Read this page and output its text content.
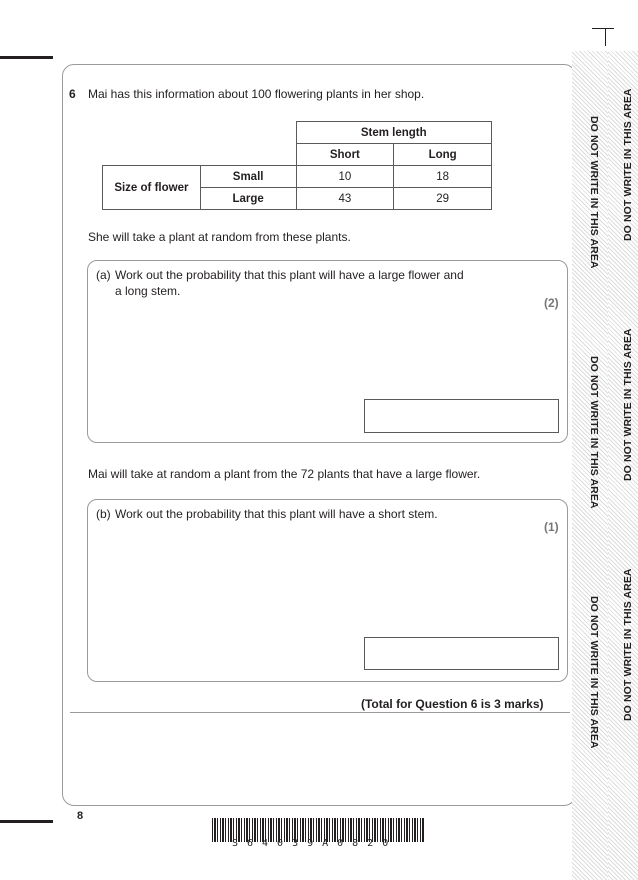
6 Mai has this information about 100 flowering plants in her shop.
		Stem length	
		Short	Long
Size of flower	Small	10	18
	Large	43	29
She will take a plant at random from these plants.
(a) Work out the probability that this plant will have a large flower and
a long stem.
(2)
Mai will take at random a plant from the 72 plants that have a large flower.
(b) Work out the probability that this plant will have a short stem.
(1)
(Total for Question 6 is 3 marks)
8
S64039A0820
DO NOT WRITE IN THIS AREA
DO NOT WRITE IN THIS AREA
DO NOT WRITE IN THIS AREA
DO NOT WRITE IN THIS AREA
DO NOT WRITE IN THIS AREA
DO NOT WRITE IN THIS AREA
